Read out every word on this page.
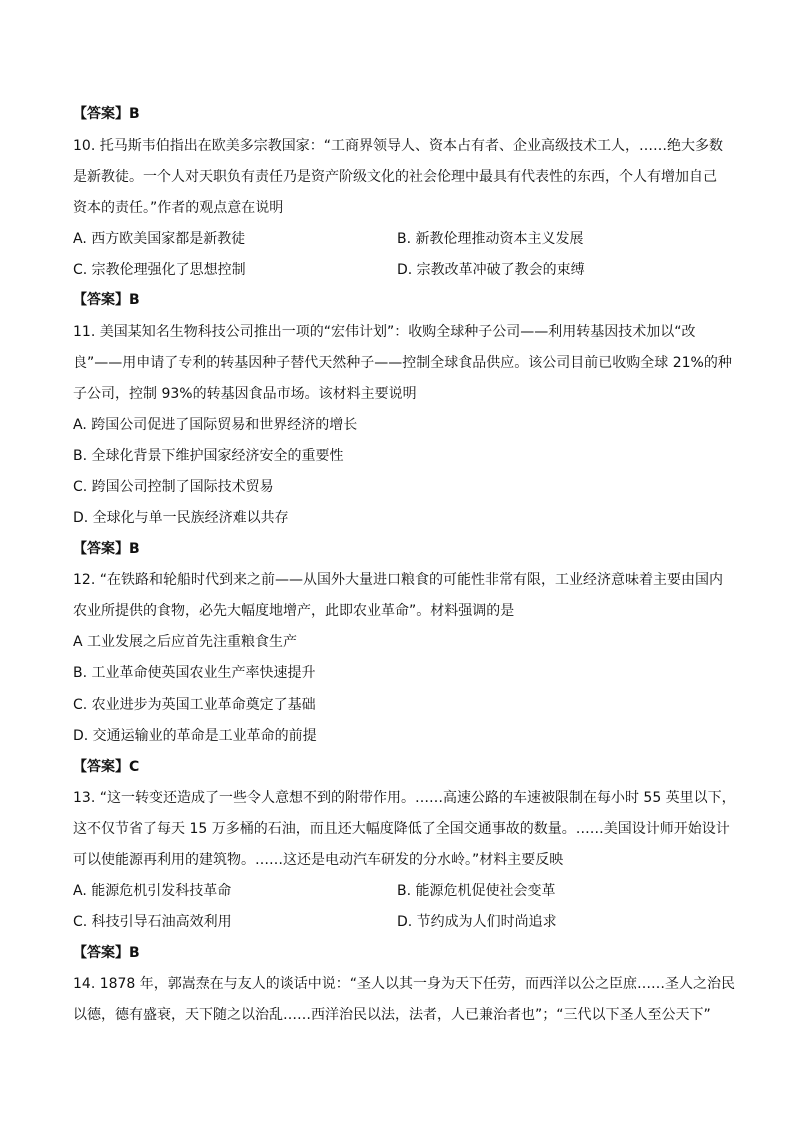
【答案】B
10. 托马斯韦伯指出在欧美多宗教国家：“工商界领导人、资本占有者、企业高级技术工人，……绝大多数
是新教徒。一个人对天职负有责任乃是资产阶级文化的社会伦理中最具有代表性的东西，个人有增加自己
资本的责任。”作者的观点意在说明
A. 西方欧美国家都是新教徒	B. 新教伦理推动资本主义发展
C. 宗教伦理强化了思想控制	D. 宗教改革冲破了教会的束缚
【答案】B
11. 美国某知名生物科技公司推出一项的“宏伟计划”：收购全球种子公司——利用转基因技术加以“改
良”——用申请了专利的转基因种子替代天然种子——控制全球食品供应。该公司目前已收购全球 21%的种
子公司，控制 93%的转基因食品市场。该材料主要说明
A. 跨国公司促进了国际贸易和世界经济的增长
B. 全球化背景下维护国家经济安全的重要性
C. 跨国公司控制了国际技术贸易
D. 全球化与单一民族经济难以共存
【答案】B
12. “在铁路和轮船时代到来之前——从国外大量进口粮食的可能性非常有限，工业经济意味着主要由国内
农业所提供的食物，必先大幅度地增产，此即农业革命”。材料强调的是
A 工业发展之后应首先注重粮食生产
B. 工业革命使英国农业生产率快速提升
C. 农业进步为英国工业革命奠定了基础
D. 交通运输业的革命是工业革命的前提
【答案】C
13. “这一转变还造成了一些令人意想不到的附带作用。……高速公路的车速被限制在每小时 55 英里以下，
这不仅节省了每天 15 万多桶的石油，而且还大幅度降低了全国交通事故的数量。……美国设计师开始设计
可以使能源再利用的建筑物。……这还是电动汽车研发的分水岭。”材料主要反映
A. 能源危机引发科技革命	B. 能源危机促使社会变革
C. 科技引导石油高效利用	D. 节约成为人们时尚追求
【答案】B
14. 1878 年，郭嵩焘在与友人的谈话中说：“圣人以其一身为天下任劳，而西洋以公之臣庶……圣人之治民
以德，德有盛衰，天下随之以治乱……西洋治民以法，法者，人已兼治者也”；“三代以下圣人至公天下”
